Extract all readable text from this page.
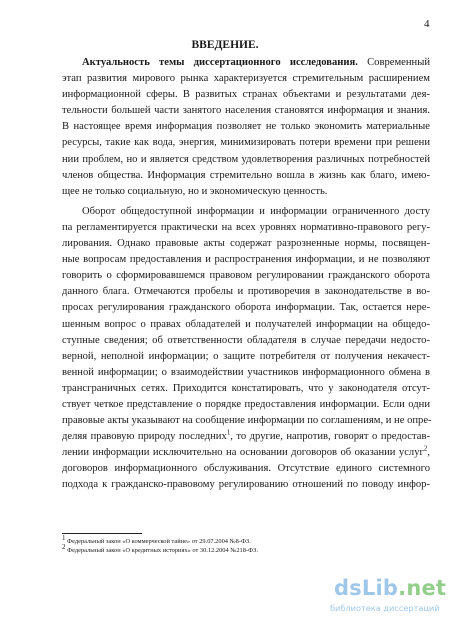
4
ВВЕДЕНИЕ.
Актуальность темы диссертационного исследования. Современный
этап развития мирового рынка характеризуется стремительным расширением
информационной сферы. В развитых странах объектами и результатами дея-
тельности большей части занятого населения становятся информация и знания.
В настоящее время информация позволяет не только экономить материальные
ресурсы, такие как вода, энергия, минимизировать потери времени при решени
нии проблем, но и является средством удовлетворения различных потребностей
членов общества. Информация стремительно вошла в жизнь как благо, имею-
щее не только социальную, но и экономическую ценность.
Оборот общедоступной информации и информации ограниченного досту
па регламентируется практически на всех уровнях нормативно-правового регу-
лирования. Однако правовые акты содержат разрозненные нормы, посвящен-
ные вопросам предоставления и распространения информации, и не позволяют
говорить о сформировавшемся правовом регулировании гражданского оборота
данного блага. Отмечаются пробелы и противоречия в законодательстве в во-
просах регулирования гражданского оборота информации. Так, остается нере-
шенным вопрос о правах обладателей и получателей информации на общедо-
ступные сведения; об ответственности обладателя в случае передачи недосто-
верной, неполной информации; о защите потребителя от получения некачест-
венной информации; о взаимодействии участников информационного обмена в
трансграничных сетях. Приходится констатировать, что у законодателя отсут-
ствует четкое представление о порядке предоставления информации. Если одни
правовые акты указывают на сообщение информации по соглашениям, и не опре-
деляя правовую природу последних$^1$, то другие, напротив, говорят о предостав-
лении информации исключительно на основании договоров об оказании услуг$^2$,
договоров информационного обслуживания. Отсутствие единого системного
подхода к гражданско-правовому регулированию отношений по поводу инфор-
$^1$ Федеральный закон «О коммерческой тайне» от 29.07.2004 №8-ФЗ.
$^2$ Федеральный закон «О кредитных историях» от 30.12.2004 №218-ФЗ.
dsLib.net
библиотека диссертаций
